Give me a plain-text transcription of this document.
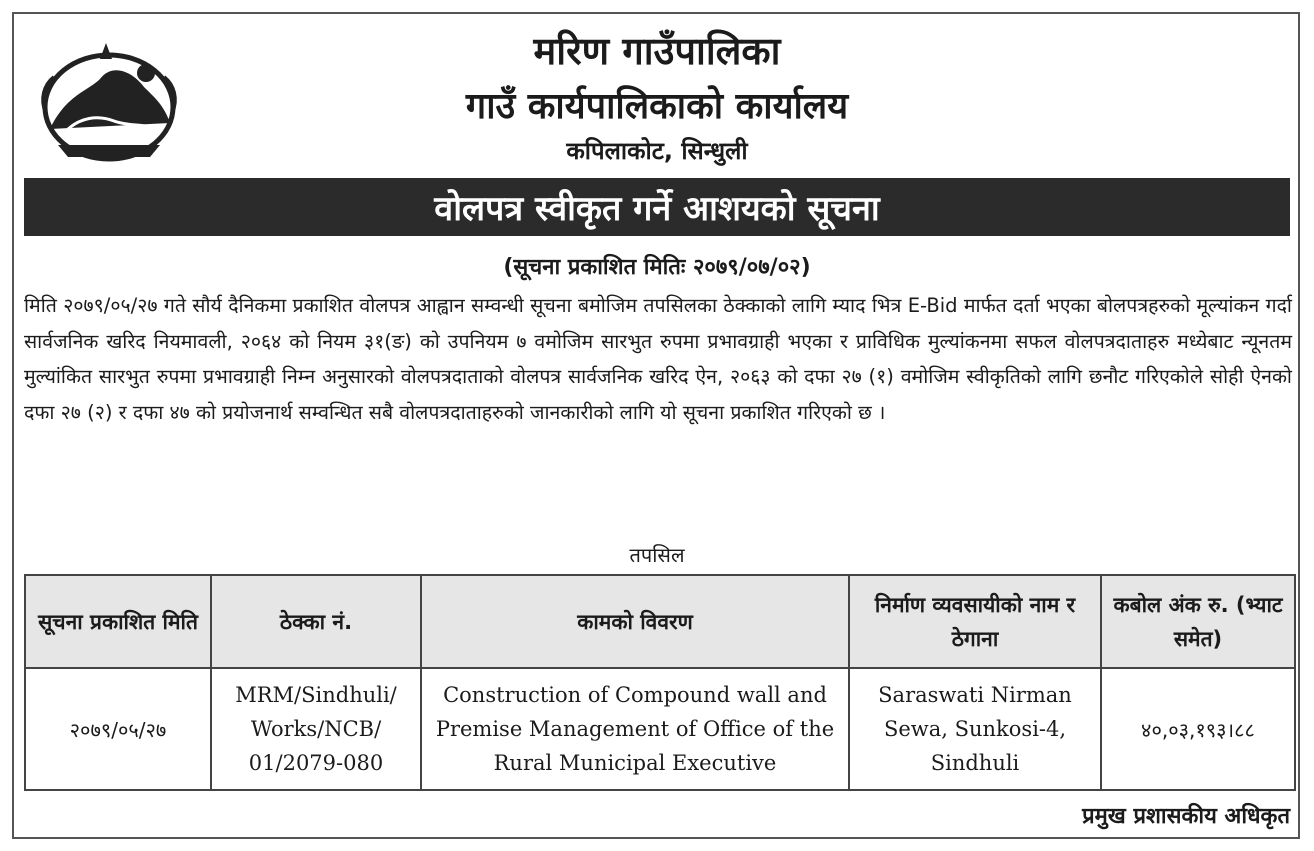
मरिण गाउँपालिका
गाउँ कार्यपालिकाको कार्यालय
कपिलाकोट, सिन्धुली
वोलपत्र स्वीकृत गर्ने आशयको सूचना
(सूचना प्रकाशित मितिः २०७९/०७/०२)
मिति २०७९/०५/२७ गते सौर्य दैनिकमा प्रकाशित वोलपत्र आह्वान सम्वन्धी सूचना बमोजिम तपसिलका ठेक्काको लागि म्याद भित्र E-Bid मार्फत दर्ता भएका बोलपत्रहरुको मूल्यांकन गर्दा सार्वजनिक खरिद नियमावली, २०६४ को नियम ३१(ङ) को उपनियम ७ वमोजिम सारभुत रुपमा प्रभावग्राही भएका र प्राविधिक मुल्यांकनमा सफल वोलपत्रदाताहरु मध्येबाट न्यूनतम मुल्यांकित सारभुत रुपमा प्रभावग्राही निम्न अनुसारको वोलपत्रदाताको वोलपत्र सार्वजनिक खरिद ऐन, २०६३ को दफा २७ (१) वमोजिम स्वीकृतिको लागि छनौट गरिएकोले सोही ऐनको दफा २७ (२) र दफा ४७ को प्रयोजनार्थ सम्वन्धित सबै वोलपत्रदाताहरुको जानकारीको लागि यो सूचना प्रकाशित गरिएको छ ।
तपसिल
सूचना प्रकाशित मिति	ठेक्का नं.	कामको विवरण	निर्माण व्यवसायीको नाम र ठेगाना	कबोल अंक रु. (भ्याट समेत)
२०७९/०५/२७	MRM/Sindhuli/ Works/NCB/ 01/2079-080	Construction of Compound wall and Premise Management of Office of the Rural Municipal Executive	Saraswati Nirman Sewa, Sunkosi-4, Sindhuli	४०,०३,१९३।८८
प्रमुख प्रशासकीय अधिकृत
